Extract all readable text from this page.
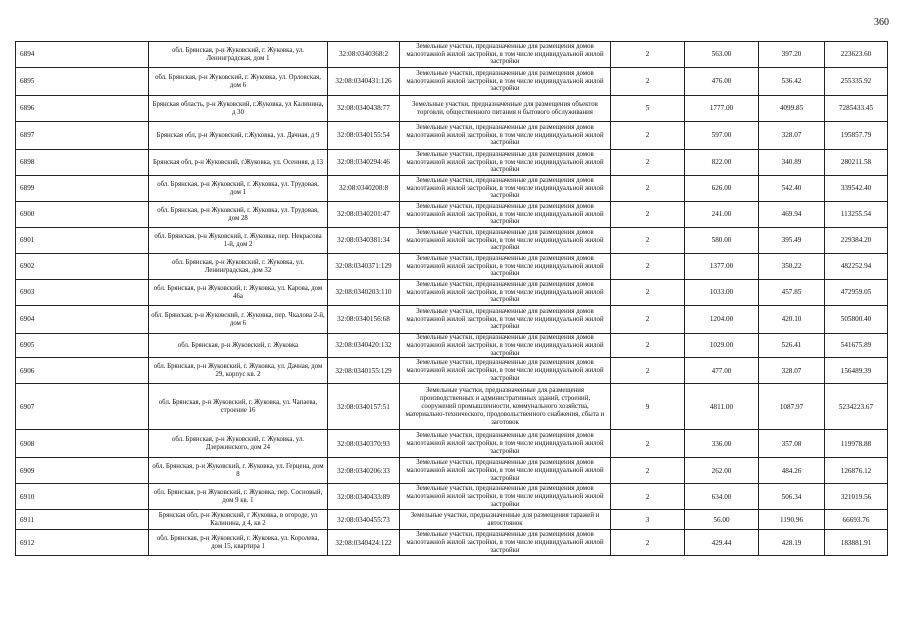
360
6894	обл. Брянская, р-н Жуковский, г. Жуковка, ул. Ленинградская, дом 1	32:08:0340368:2	Земельные участки, предназначенные для размещения домов малоэтажной жилой застройки, в том числе индивидуальной жилой застройки	2	563.00	397.20	223623.60
6895	обл. Брянская, р-н Жуковский, г. Жуковка, ул. Орловская, дом 6	32:08:0340431:126	Земельные участки, предназначенные для размещения домов малоэтажной жилой застройки, в том числе индивидуальной жилой застройки	2	476.00	536.42	255335.92
6896	Брянская область, р-н Жуковский, г.Жуковка, ул Калинина, д 30	32:08:0340438:77	Земельные участки, предназначенные для размещения объектов торговли, общественного питания и бытового обслуживания	5	1777.00	4099.85	7285433.45
6897	Брянская обл, р-н Жуковский, г.Жуковка, ул. Дачная, д 9	32:08:0340155:54	Земельные участки, предназначенные для размещения домов малоэтажной жилой застройки, в том числе индивидуальной жилой застройки	2	597.00	328.07	195857.79
6898	Брянская обл, р-н Жуковский, г.Жуковка, ул. Осенняя, д 13	32:08:0340294:46	Земельные участки, предназначенные для размещения домов малоэтажной жилой застройки, в том числе индивидуальной жилой застройки	2	822.00	340.89	280211.58
6899	обл. Брянская, р-н Жуковский, г. Жуковка, ул. Трудовая, дом 1	32:08:0340208:8	Земельные участки, предназначенные для размещения домов малоэтажной жилой застройки, в том числе индивидуальной жилой застройки	2	626.00	542.40	339542.40
6900	обл. Брянская, р-н Жуковский, г. Жуковка, ул. Трудовая, дом 28	32:08:0340201:47	Земельные участки, предназначенные для размещения домов малоэтажной жилой застройки, в том числе индивидуальной жилой застройки	2	241.00	469.94	113255.54
6901	обл. Брянская, р-н Жуковский, г. Жуковка, пер. Некрасова 1-й, дом 2	32:08:0340381:34	Земельные участки, предназначенные для размещения домов малоэтажной жилой застройки, в том числе индивидуальной жилой застройки	2	580.00	395.49	229384.20
6902	обл. Брянская, р-н Жуковский, г. Жуковка, ул. Ленинградская, дом 32	32:08:0340371:129	Земельные участки, предназначенные для размещения домов малоэтажной жилой застройки, в том числе индивидуальной жилой застройки	2	1377.00	350.22	482252.94
6903	обл. Брянская, р-н Жуковский, г. Жуковка, ул. Карова, дом 46а	32:08:0340203:110	Земельные участки, предназначенные для размещения домов малоэтажной жилой застройки, в том числе индивидуальной жилой застройки	2	1033.00	457.85	472959.05
6904	обл. Брянская, р-н Жуковский, г. Жуковка, пер. Чкалова 2-й, дом 6	32:08:0340156:68	Земельные участки, предназначенные для размещения домов малоэтажной жилой застройки, в том числе индивидуальной жилой застройки	2	1204.00	420.10	505800.40
6905	обл. Брянская, р-н Жуковский, г. Жуковка	32:08:0340420:132	Земельные участки, предназначенные для размещения домов малоэтажной жилой застройки, в том числе индивидуальной жилой застройки	2	1029.00	526.41	541675.89
6906	обл. Брянская, р-н Жуковский, г. Жуковка, ул. Дачная, дом 29, корпус кв. 2	32:08:0340155:129	Земельные участки, предназначенные для размещения домов малоэтажной жилой застройки, в том числе индивидуальной жилой застройки	2	477.00	328.07	156489.39
6907	обл. Брянская, р-н Жуковский, г. Жуковка, ул. Чапаева, строение 16	32:08:0340157:51	Земельные участки, предназначенные для размещения производственных и административных зданий, строений, сооружений промышленности, коммунального хозяйства, материально-технического, продовольственного снабжения, сбыта и заготовок	9	4811.00	1087.97	5234223.67
6908	обл. Брянская, р-н Жуковский, г. Жуковка, ул. Дзержинского, дом 24	32:08:0340370:93	Земельные участки, предназначенные для размещения домов малоэтажной жилой застройки, в том числе индивидуальной жилой застройки	2	336.00	357.08	119978.88
6909	обл. Брянская, р-н Жуковский, г. Жуковка, ул. Герцена, дом 8	32:08:0340206:33	Земельные участки, предназначенные для размещения домов малоэтажной жилой застройки, в том числе индивидуальной жилой застройки	2	262.00	484.26	126876.12
6910	обл. Брянская, р-н Жуковский, г. Жуковка, пер. Сосновый, дом 9 кв. 1	32:08:0340433:89	Земельные участки, предназначенные для размещения домов малоэтажной жилой застройки, в том числе индивидуальной жилой застройки	2	634.00	506.34	321019.56
6911	Брянская обл, р-н Жуковский, г Жуковка, в огороде, ул Калинина, д 4, кв 2	32:08:0340455:73	Земельные участки, предназначенные для размещения гаражей и автостоянок	3	56.00	1190.96	66693.76
6912	обл. Брянская, р-н Жуковский, г. Жуковка, ул. Королева, дом 15, квартира 1	32:08:0340424:122	Земельные участки, предназначенные для размещения домов малоэтажной жилой застройки, в том числе индивидуальной жилой застройки	2	429.44	428.19	183881.91
